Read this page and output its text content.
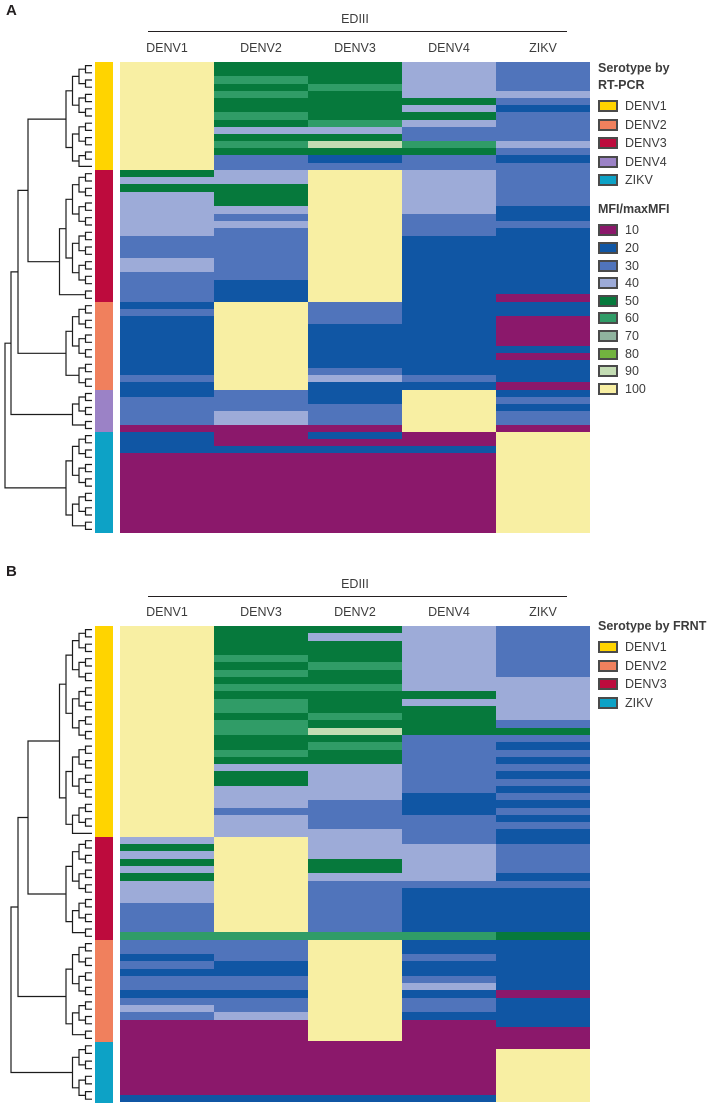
A	EDIII
DENV1	DENV2	DENV3	DENV4	ZIKV
Serotype by
RT-PCR
DENV1
DENV2
DENV3
DENV4
ZIKV
MFI/maxMFI
10
20
30
40
50
60
70
80
90
100
B
EDIII
DENV1	DENV3	DENV2	DENV4	ZIKV
Serotype by FRNT
DENV1
DENV2
DENV3
ZIKV
